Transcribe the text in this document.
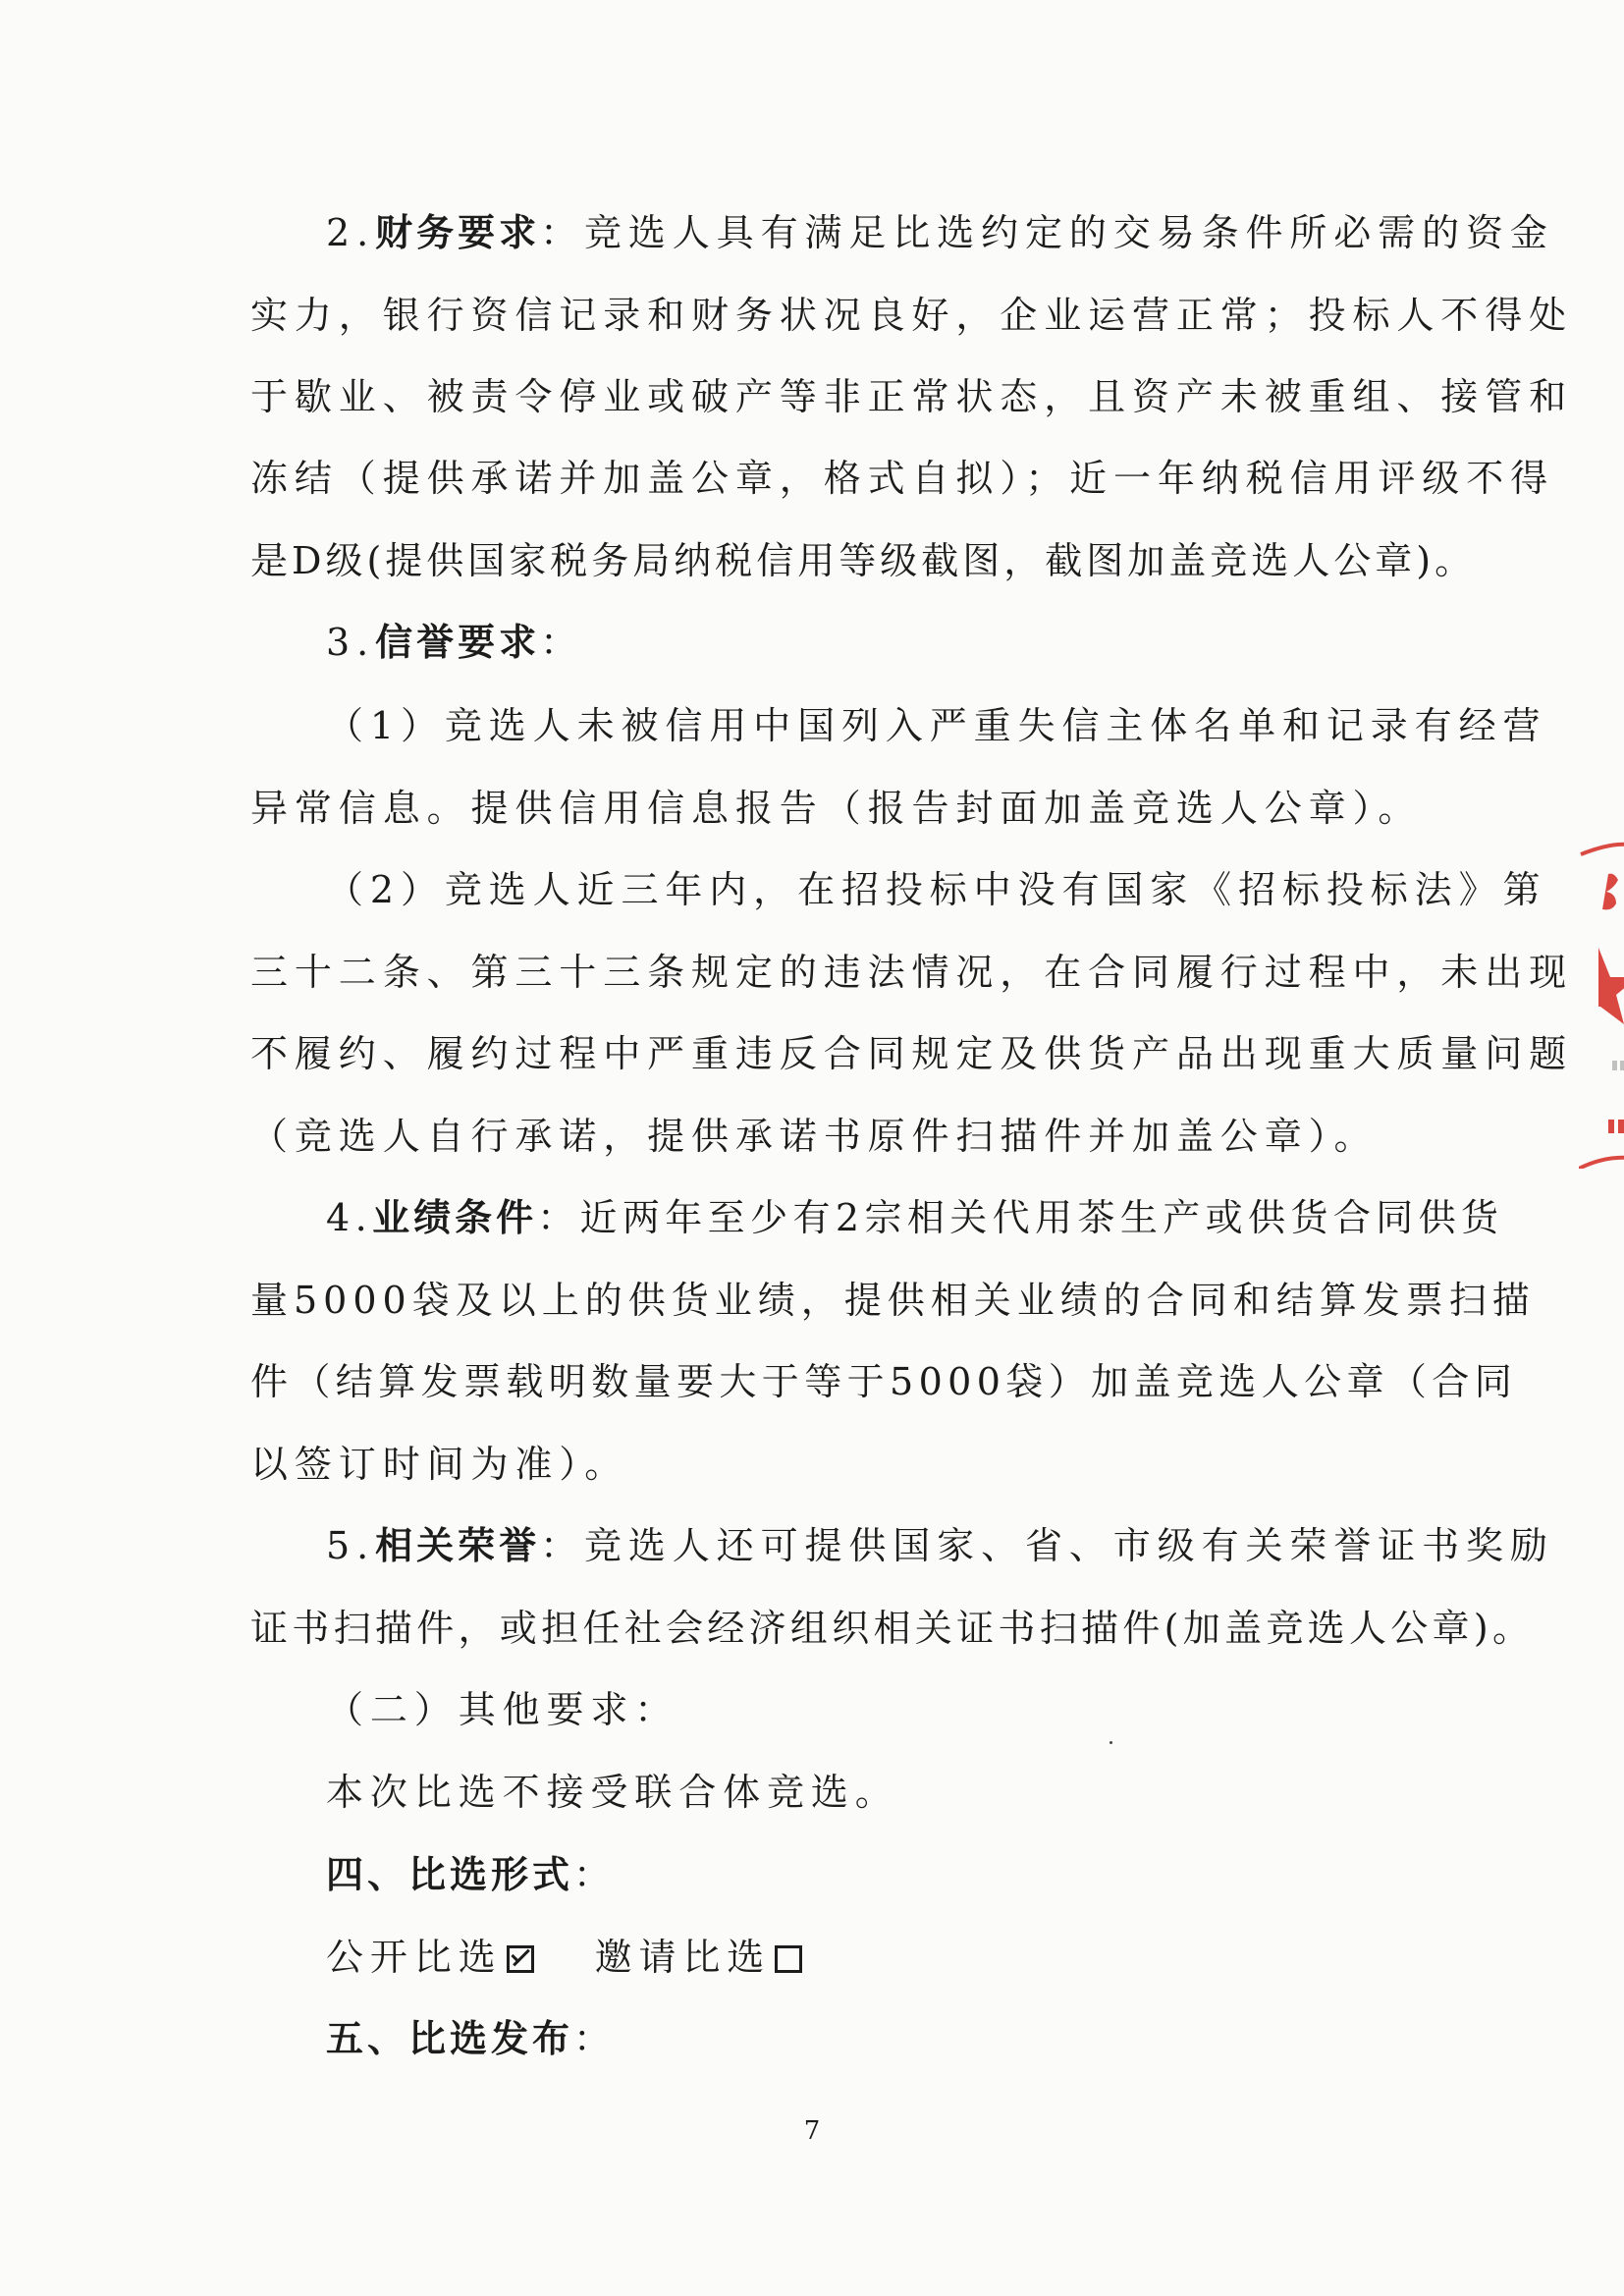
2.财务要求：竞选人具有满足比选约定的交易条件所必需的资金
实力，银行资信记录和财务状况良好，企业运营正常；投标人不得处
于歇业、被责令停业或破产等非正常状态，且资产未被重组、接管和
冻结（提供承诺并加盖公章，格式自拟）；近一年纳税信用评级不得
是D级(提供国家税务局纳税信用等级截图，截图加盖竞选人公章)。
3.信誉要求：
（1）竞选人未被信用中国列入严重失信主体名单和记录有经营
异常信息。提供信用信息报告（报告封面加盖竞选人公章）。
（2）竞选人近三年内，在招投标中没有国家《招标投标法》第
三十二条、第三十三条规定的违法情况，在合同履行过程中，未出现
不履约、履约过程中严重违反合同规定及供货产品出现重大质量问题
（竞选人自行承诺，提供承诺书原件扫描件并加盖公章）。
4.业绩条件：近两年至少有2宗相关代用茶生产或供货合同供货
量5000袋及以上的供货业绩，提供相关业绩的合同和结算发票扫描
件（结算发票载明数量要大于等于5000袋）加盖竞选人公章（合同
以签订时间为准）。
5.相关荣誉：竞选人还可提供国家、省、市级有关荣誉证书奖励
证书扫描件，或担任社会经济组织相关证书扫描件(加盖竞选人公章)。
（二）其他要求：
本次比选不接受联合体竞选。
四、比选形式：
公开比选 邀请比选
五、比选发布：
7
